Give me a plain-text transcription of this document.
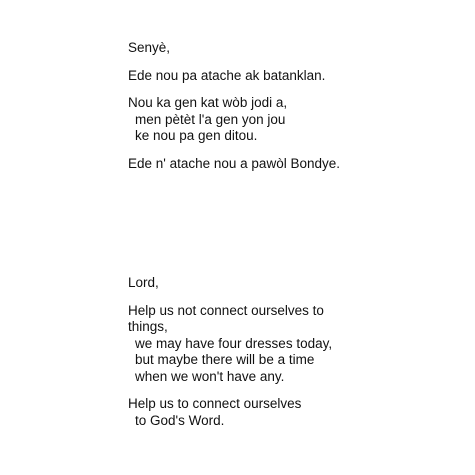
Senyè,

Ede nou pa atache ak batanklan.

Nou ka gen kat wòb jodi a,
men pètèt l'a gen yon jou
ke nou pa gen ditou.

Ede n' atache nou a pawòl Bondye.

Lord,

Help us not connect ourselves to
things,
we may have four dresses today,
but maybe there will be a time
when we won't have any.

Help us to connect ourselves
to God's Word.
